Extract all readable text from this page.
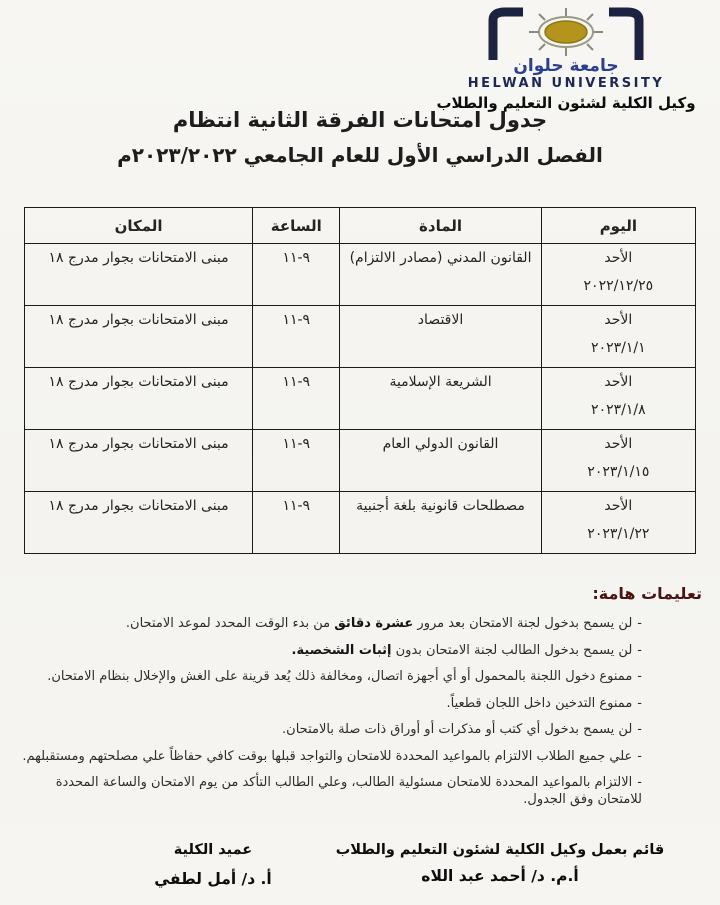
جامعة حلوان
HELWAN UNIVERSITY
وكيل الكلية لشئون التعليم والطلاب
جدول امتحانات الفرقة الثانية انتظام
الفصل الدراسي الأول للعام الجامعي ٢٠٢٣/٢٠٢٢م
اليوم	المادة	الساعة	المكان

الأحد
٢٠٢٢/١٢/٢٥	القانون المدني (مصادر الالتزام)	٩-١١	مبنى الامتحانات بجوار مدرج ١٨

الأحد
٢٠٢٣/١/١	الاقتصاد	٩-١١	مبنى الامتحانات بجوار مدرج ١٨

الأحد
٢٠٢٣/١/٨	الشريعة الإسلامية	٩-١١	مبنى الامتحانات بجوار مدرج ١٨

الأحد
٢٠٢٣/١/١٥	القانون الدولي العام	٩-١١	مبنى الامتحانات بجوار مدرج ١٨

الأحد
٢٠٢٣/١/٢٢	مصطلحات قانونية بلغة أجنبية	٩-١١	مبنى الامتحانات بجوار مدرج ١٨
تعليمات هامة:
-لن يسمح بدخول لجنة الامتحان بعد مرور عشرة دقائق من بدء الوقت المحدد لموعد الامتحان.
-لن يسمح بدخول الطالب لجنة الامتحان بدون إثبات الشخصية.
-ممنوع دخول اللجنة بالمحمول أو أي أجهزة اتصال، ومخالفة ذلك يُعد قرينة على الغش والإخلال بنظام الامتحان.
-ممنوع التدخين داخل اللجان قطعياً.
-لن يسمح بدخول أي كتب أو مذكرات أو أوراق ذات صلة بالامتحان.
-علي جميع الطلاب الالتزام بالمواعيد المحددة للامتحان والتواجد قبلها بوقت كافي حفاظاً علي مصلحتهم ومستقبلهم.
-الالتزام بالمواعيد المحددة للامتحان مسئولية الطالب، وعلي الطالب التأكد من يوم الامتحان والساعة المحددة للامتحان وفق الجدول.
قائم بعمل وكيل الكلية لشئون التعليم والطلاب
أ.م. د/ أحمد عبد اللاه
عميد الكلية
أ. د/ أمل لطفي
